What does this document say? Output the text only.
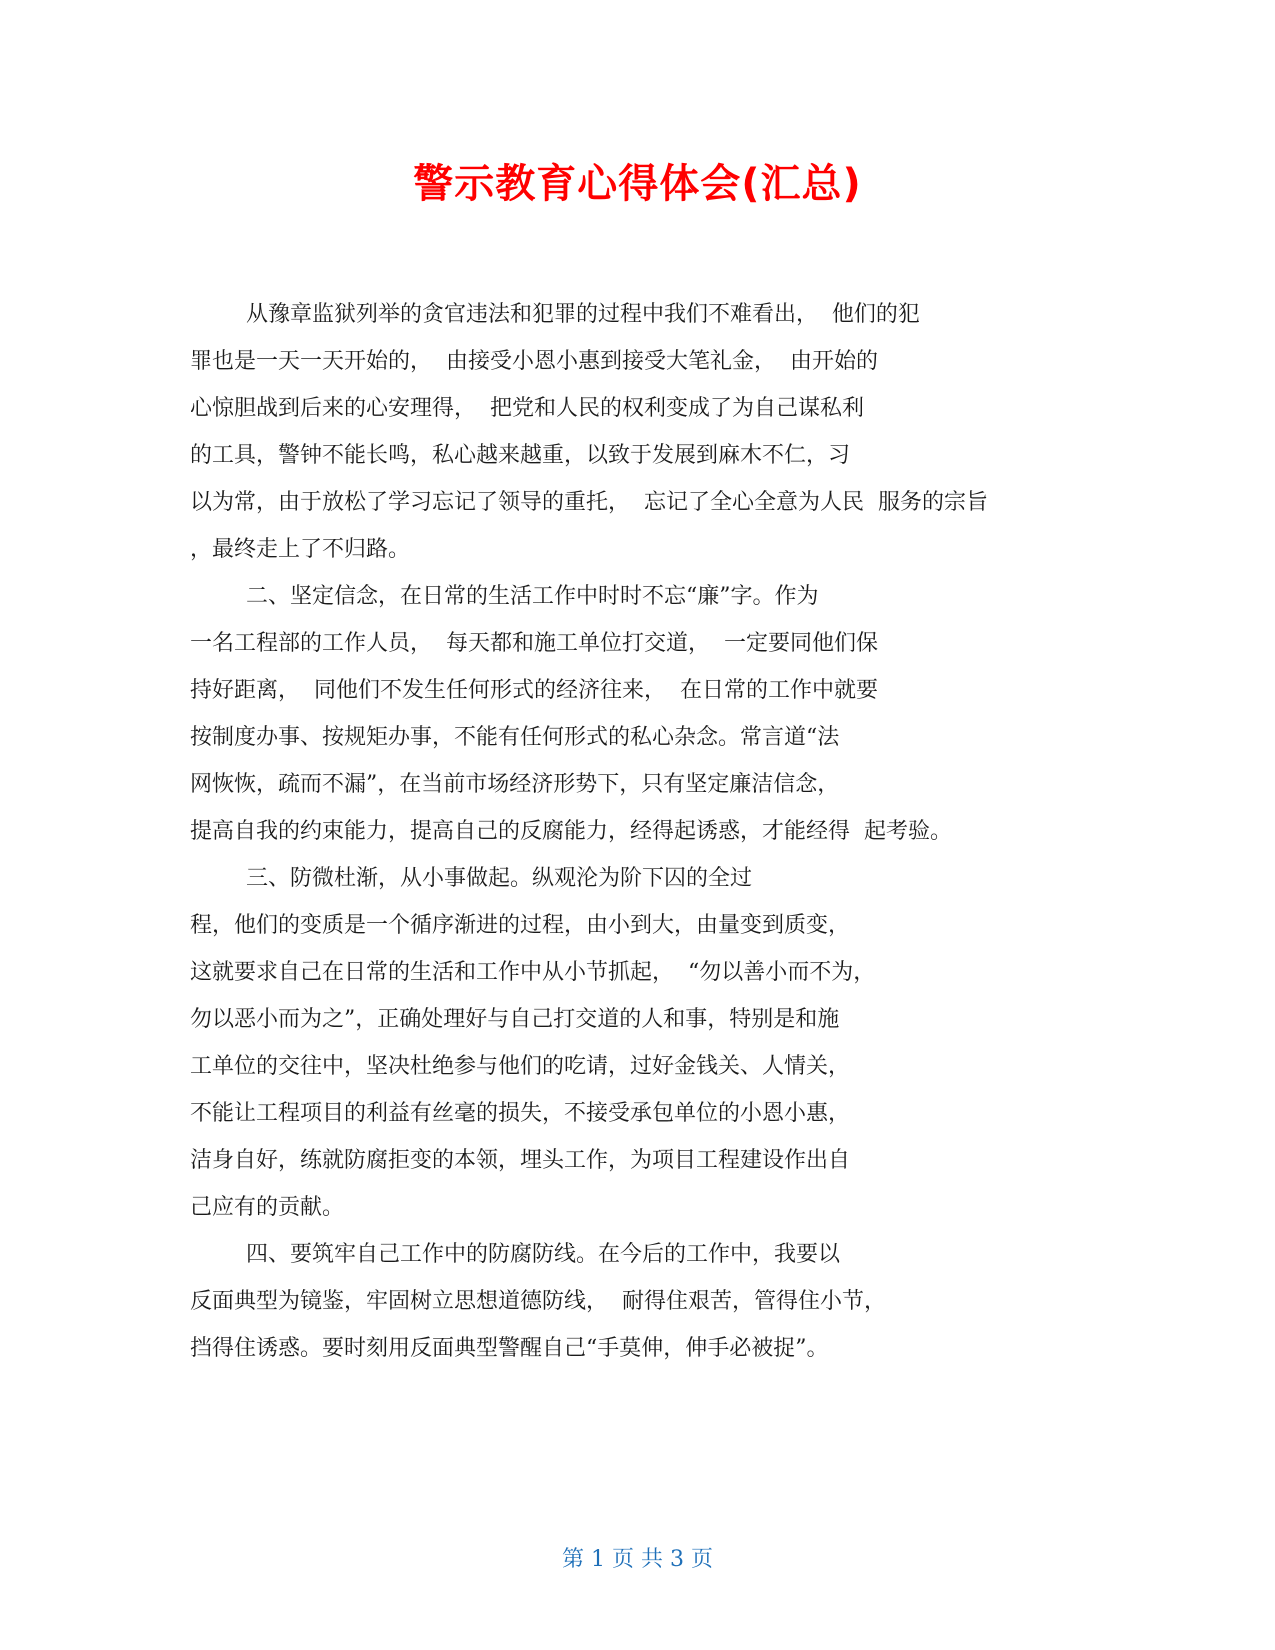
警示教育心得体会(汇总)
从豫章监狱列举的贪官违法和犯罪的过程中我们不难看出，  他们的犯
罪也是一天一天开始的，  由接受小恩小惠到接受大笔礼金，  由开始的
心惊胆战到后来的心安理得，  把党和人民的权利变成了为自己谋私利
的工具，警钟不能长鸣，私心越来越重，以致于发展到麻木不仁，习
以为常，由于放松了学习忘记了领导的重托，  忘记了全心全意为人民  服务的宗旨
，最终走上了不归路。
二、坚定信念，在日常的生活工作中时时不忘“廉”字。作为
一名工程部的工作人员，  每天都和施工单位打交道，  一定要同他们保
持好距离，  同他们不发生任何形式的经济往来，  在日常的工作中就要
按制度办事、按规矩办事，不能有任何形式的私心杂念。常言道“法
网恢恢，疏而不漏”，在当前市场经济形势下，只有坚定廉洁信念，
提高自我的约束能力，提高自己的反腐能力，经得起诱惑，才能经得  起考验。
三、防微杜渐，从小事做起。纵观沦为阶下囚的全过
程，他们的变质是一个循序渐进的过程，由小到大，由量变到质变，
这就要求自己在日常的生活和工作中从小节抓起，  “勿以善小而不为，
勿以恶小而为之”，正确处理好与自己打交道的人和事，特别是和施
工单位的交往中，坚决杜绝参与他们的吃请，过好金钱关、人情关，
不能让工程项目的利益有丝毫的损失，不接受承包单位的小恩小惠，
洁身自好，练就防腐拒变的本领，埋头工作，为项目工程建设作出自
己应有的贡献。
四、要筑牢自己工作中的防腐防线。在今后的工作中，我要以
反面典型为镜鉴，牢固树立思想道德防线，  耐得住艰苦，管得住小节，
挡得住诱惑。要时刻用反面典型警醒自己“手莫伸，伸手必被捉”。
第 1 页 共 3 页
